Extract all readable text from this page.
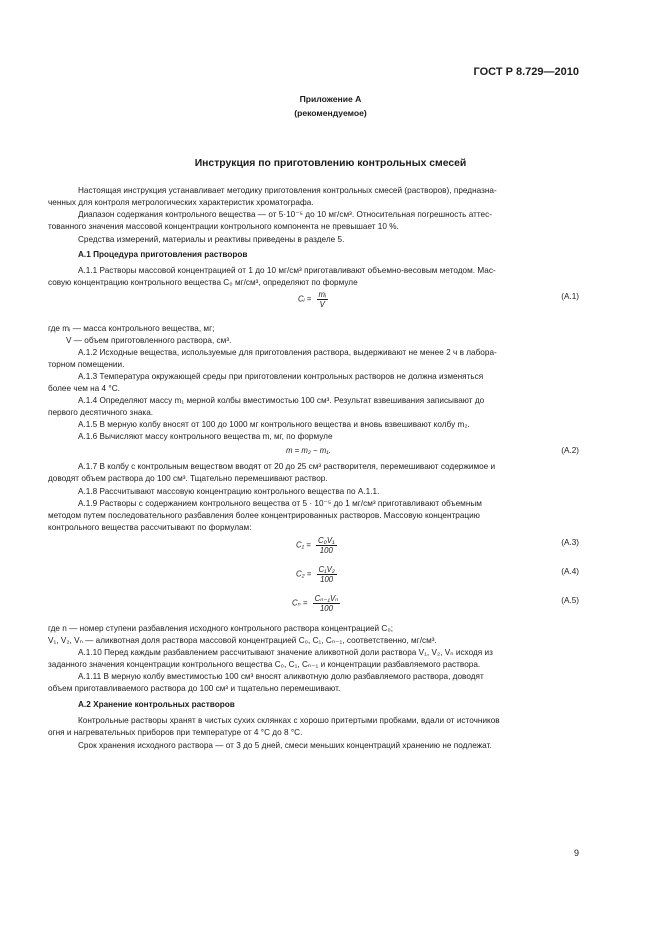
ГОСТ Р 8.729—2010
Приложение А
(рекомендуемое)
Инструкция по приготовлению контрольных смесей
Настоящая инструкция устанавливает методику приготовления контрольных смесей (растворов), предназна-
ченных для контроля метрологических характеристик хроматографа.
Диапазон содержания контрольного вещества — от 5·10⁻⁵ до 10 мг/см³. Относительная погрешность аттес-
тованного значения массовой концентрации контрольного компонента не превышает 10 %.
Средства измерений, материалы и реактивы приведены в разделе 5.
А.1 Процедура приготовления растворов
А.1.1 Растворы массовой концентрацией от 1 до 10 мг/см³ приготавливают объемно-весовым методом. Мас-
совую концентрацию контрольного вещества C₀ мг/см³, определяют по формуле
Cᵢ = $\frac{\text{mᵢ}}{V}$	(А.1)
где mᵢ — масса контрольного вещества, мг;
V — объем приготовленного раствора, см³.
А.1.2 Исходные вещества, используемые для приготовления раствора, выдерживают не менее 2 ч в лабора-
торном помещении.
А.1.3 Температура окружающей среды при приготовлении контрольных растворов не должна изменяться
более чем на 4 °С.
А.1.4 Определяют массу m₁ мерной колбы вместимостью 100 см³. Результат взвешивания записывают до
первого десятичного знака.
А.1.5 В мерную колбу вносят от 100 до 1000 мг контрольного вещества и вновь взвешивают колбу m₂.
А.1.6 Вычисляют массу контрольного вещества m, мг, по формуле
m = m₂ − m₁.	(А.2)
А.1.7 В колбу с контрольным веществом вводят от 20 до 25 см³ растворителя, перемешивают содержимое и
доводят объем раствора до 100 см³. Тщательно перемешивают раствор.
А.1.8 Рассчитывают массовую концентрацию контрольного вещества по А.1.1.
А.1.9 Растворы с содержанием контрольного вещества от 5 · 10⁻⁵ до 1 мг/см³ приготавливают объемным
методом путем последовательного разбавления более концентрированных растворов. Массовую концентрацию
контрольного вещества рассчитывают по формулам:
$C_1 = \frac{\text{C₀V₁}}{100}$	(А.3)
$C_2 = \frac{\text{C₁V₂}}{100}$	(А.4)
$C_n = \frac{\text{Cₙ₋₁Vₙ}}{100}$	(А.5)
где n — номер ступени разбавления исходного контрольного раствора концентрацией C₀;
V₁, V₂, Vₙ — аликвотная доля раствора массовой концентрацией C₀, C₁, Cₙ₋₁, соответственно, мг/см³.
А.1.10 Перед каждым разбавлением рассчитывают значение аликвотной доли раствора V₁, V₂, Vₙ исходя из
заданного значения концентрации контрольного вещества C₀, C₁, Cₙ₋₁ и концентрации разбавляемого раствора.
А.1.11 В мерную колбу вместимостью 100 см³ вносят аликвотную долю разбавляемого раствора, доводят
объем приготавливаемого раствора до 100 см³ и тщательно перемешивают.
А.2 Хранение контрольных растворов
Контрольные растворы хранят в чистых сухих склянках с хорошо притертыми пробками, вдали от источников
огня и нагревательных приборов при температуре от 4 °С до 8 °С.
Срок хранения исходного раствора — от 3 до 5 дней, смеси меньших концентраций хранению не подлежат.
9
